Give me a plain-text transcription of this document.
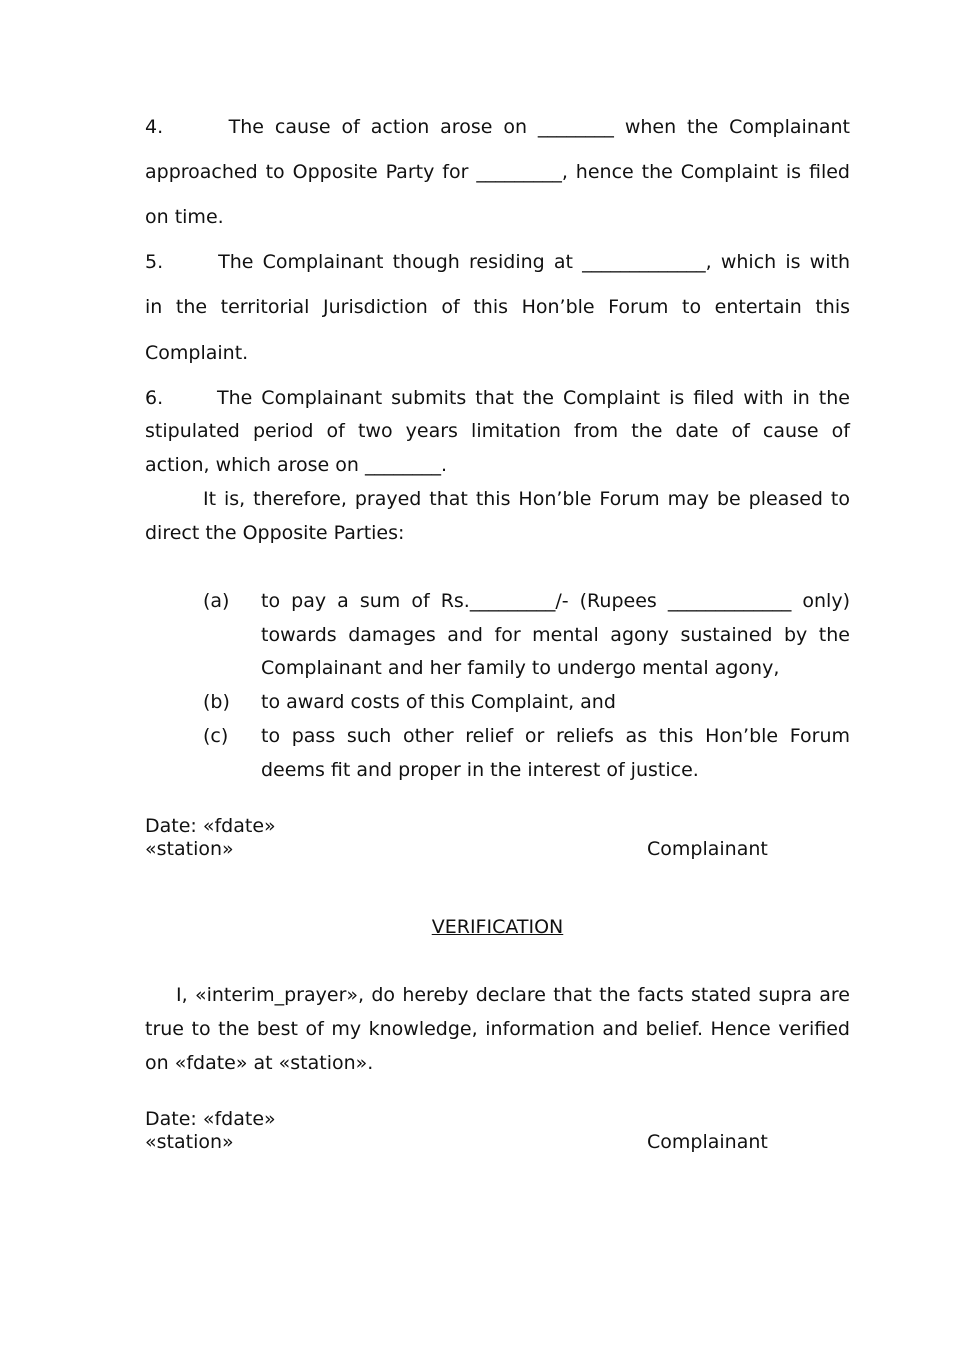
4.      The cause of action arose on ________ when the Complainant
approached to Opposite Party for _________, hence the Complaint is filed
on time.
5.      The Complainant though residing at _____________, which is with
in the territorial Jurisdiction of this Hon’ble Forum to entertain this
Complaint.
6.      The Complainant submits that the Complaint is filed with in the
stipulated period of two years limitation from the date of cause of
action, which arose on ________.
It is, therefore, prayed that this Hon’ble Forum may be pleased to
direct the Opposite Parties:
(a) to pay a sum of Rs._________/- (Rupees _____________ only)
towards damages and for mental agony sustained by the
Complainant and her family to undergo mental agony,
(b) to award costs of this Complaint, and
(c) to pass such other relief or reliefs as this Hon’ble Forum
deems fit and proper in the interest of justice.
Date: «fdate»
«station»	Complainant
VERIFICATION
I, «interim_prayer», do hereby declare that the facts stated supra are
true to the best of my knowledge, information and belief. Hence verified
on «fdate» at «station».
Date: «fdate»
«station»	Complainant
